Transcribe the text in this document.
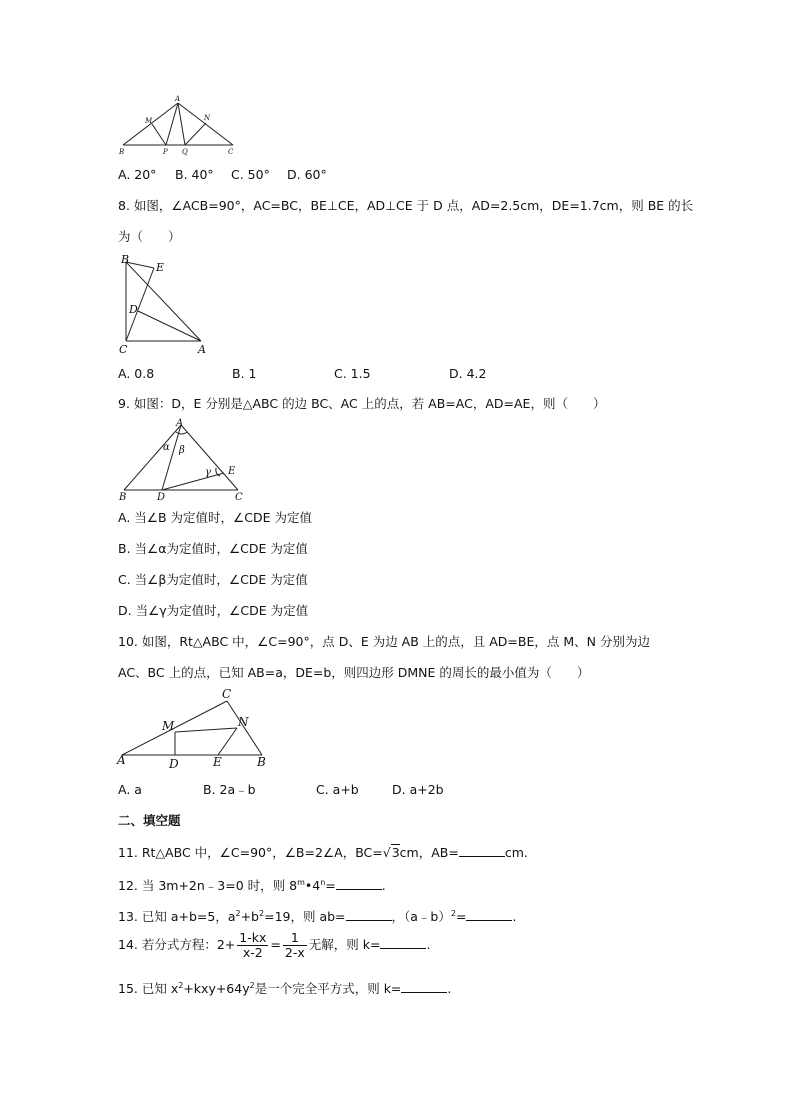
A
M	N
B	P Q	C
A. 20° B. 40° C. 50° D. 60°
8. 如图，∠ACB=90°，AC=BC，BE⊥CE，AD⊥CE 于 D 点，AD=2.5cm，DE=1.7cm，则 BE 的长
为（　　）
B
E
D
C	A
A. 0.8	B. 1	C. 1.5	D. 4.2
9. 如图：D，E 分别是△ABC 的边 BC、AC 上的点，若 AB=AC，AD=AE，则（　　）
A
α β
γ E
B	D	C
A. 当∠B 为定值时，∠CDE 为定值
B. 当∠α为定值时，∠CDE 为定值
C. 当∠β为定值时，∠CDE 为定值
D. 当∠γ为定值时，∠CDE 为定值
10. 如图，Rt△ABC 中，∠C=90°，点 D、E 为边 AB 上的点，且 AD=BE，点 M、N 分别为边
AC、BC 上的点，已知 AB=a，DE=b，则四边形 DMNE 的周长的最小值为（　　）
C
M	N
A	D	E	B
A. a	B. 2a﹣b	C. a+b	D. a+2b
二、填空题
11. Rt△ABC 中，∠C=90°，∠B=2∠A，BC=√3cm，AB=	cm.
12. 当 3m+2n﹣3=0 时，则 $8^m•4^n=$	.
13. 已知 a+b=5，$a^2+b^2=19$，则 ab=	，（a﹣b）$^2$=	.
14. 若分式方程：$2+ \frac{1-kx}{x-2} = \frac{1}{2-x}$ 无解，则 k=	.
15. 已知 $x^2+kxy+64y^2$是一个完全平方式，则 k=	.
